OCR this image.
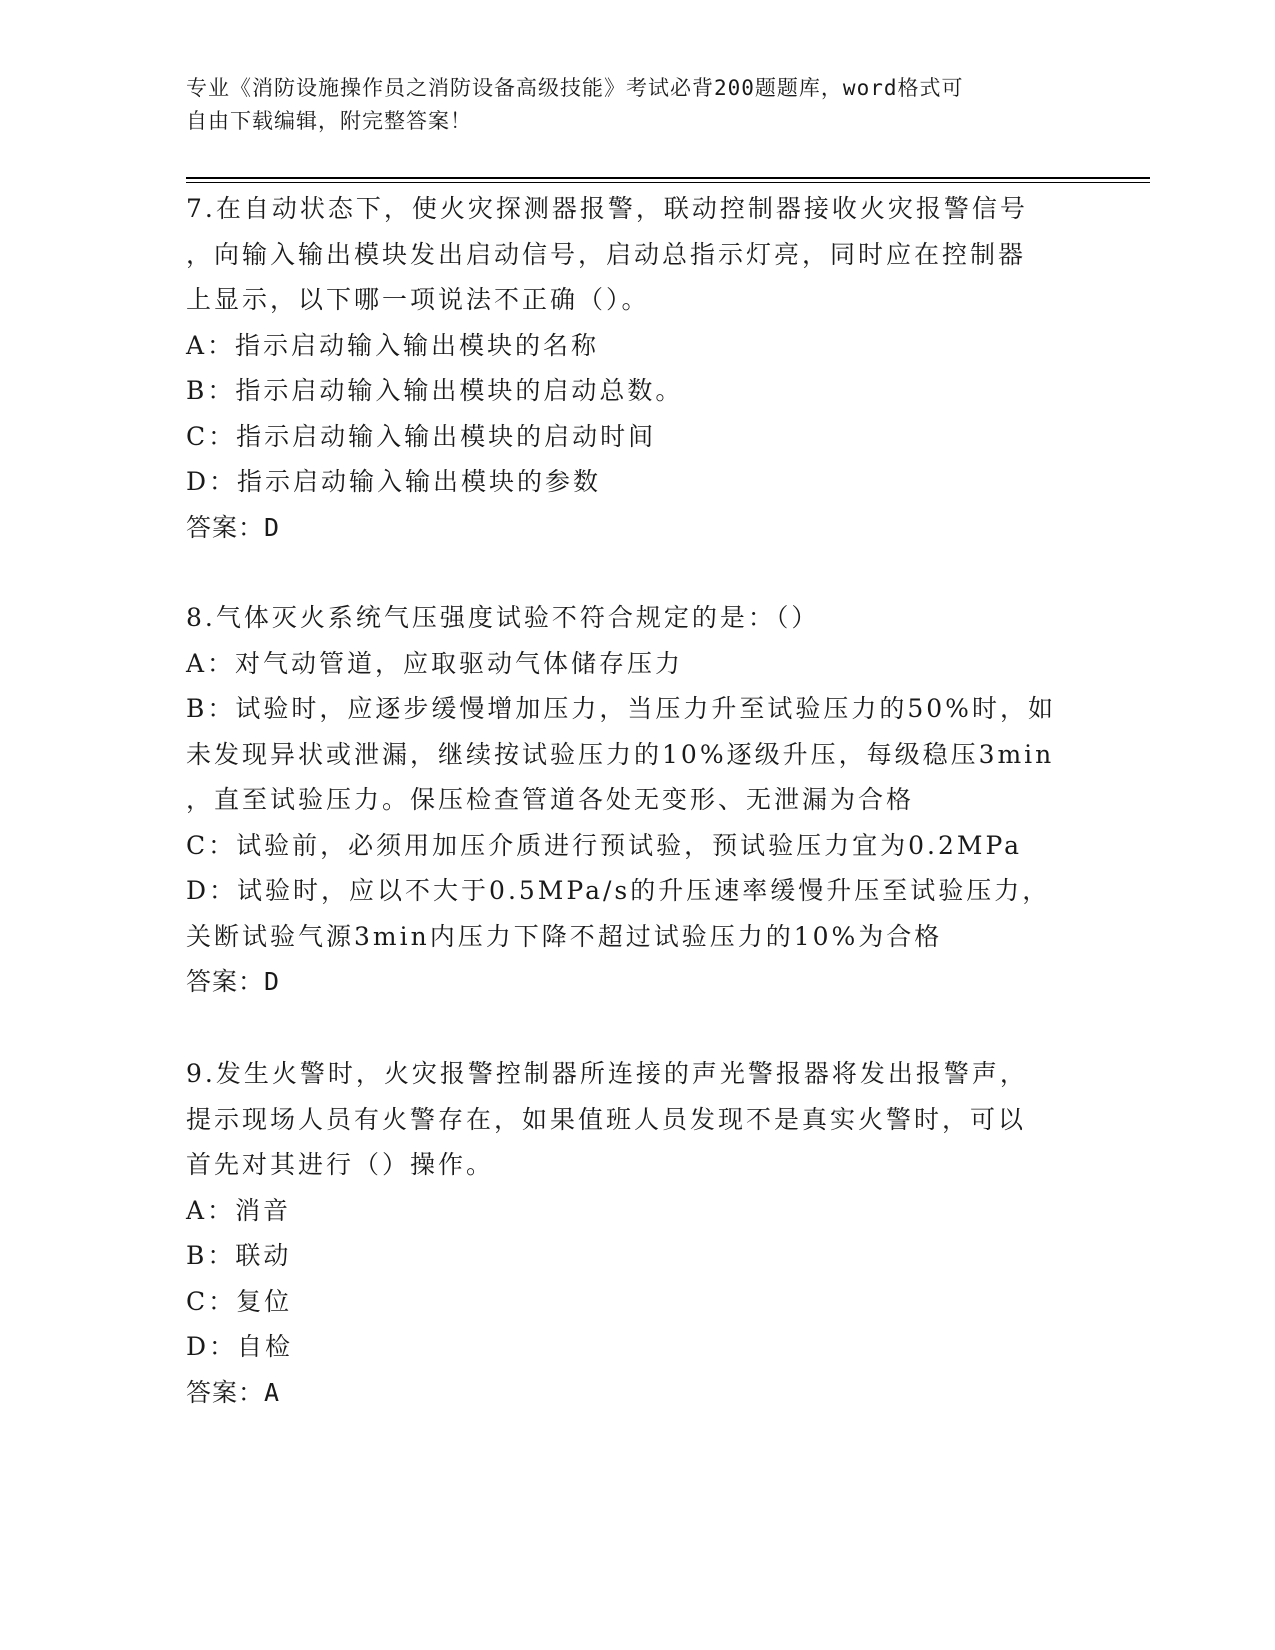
专业《消防设施操作员之消防设备高级技能》考试必背200题题库，word格式可
自由下载编辑，附完整答案！
7.在自动状态下，使火灾探测器报警，联动控制器接收火灾报警信号
，向输入输出模块发出启动信号，启动总指示灯亮，同时应在控制器
上显示，以下哪一项说法不正确（）。
A：指示启动输入输出模块的名称
B：指示启动输入输出模块的启动总数。
C：指示启动输入输出模块的启动时间
D：指示启动输入输出模块的参数
答案：D
8.气体灭火系统气压强度试验不符合规定的是：（）
A：对气动管道，应取驱动气体储存压力
B：试验时，应逐步缓慢增加压力，当压力升至试验压力的50%时，如
未发现异状或泄漏，继续按试验压力的10%逐级升压，每级稳压3min
，直至试验压力。保压检查管道各处无变形、无泄漏为合格
C：试验前，必须用加压介质进行预试验，预试验压力宜为0.2MPa
D：试验时，应以不大于0.5MPa/s的升压速率缓慢升压至试验压力，
关断试验气源3min内压力下降不超过试验压力的10%为合格
答案：D
9.发生火警时，火灾报警控制器所连接的声光警报器将发出报警声，
提示现场人员有火警存在，如果值班人员发现不是真实火警时，可以
首先对其进行（）操作。
A：消音
B：联动
C：复位
D：自检
答案：A
